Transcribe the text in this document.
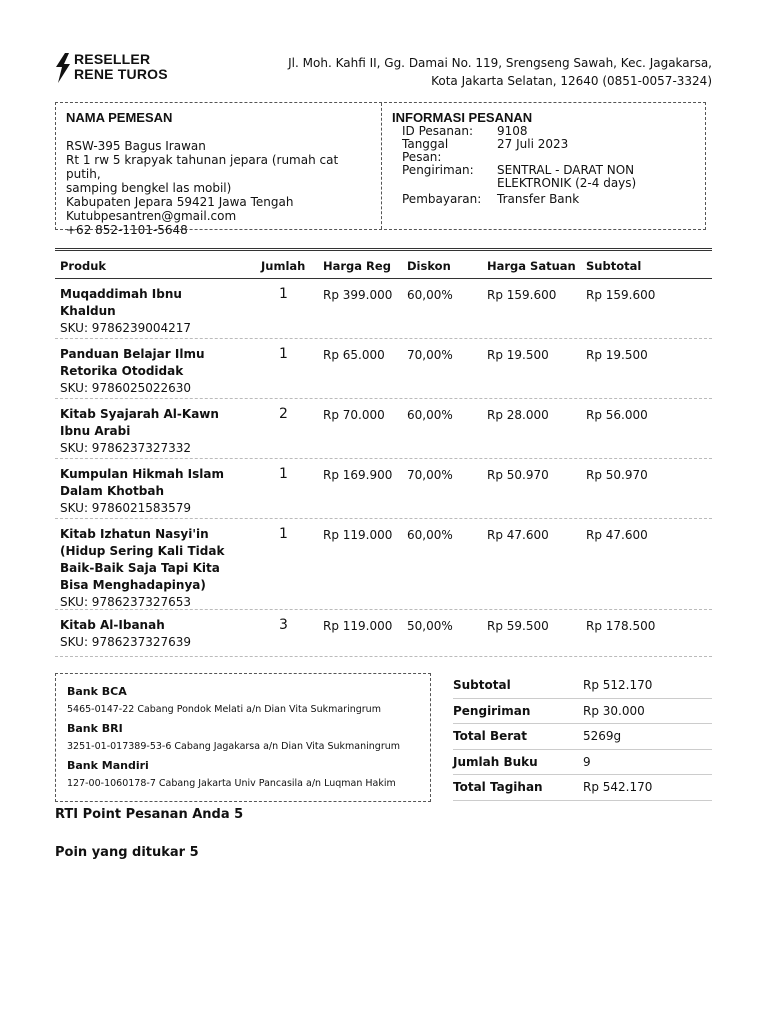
RESELLER
RENE TUROS
Jl. Moh. Kahfi II, Gg. Damai No. 119, Srengseng Sawah, Kec. Jagakarsa,
Kota Jakarta Selatan, 12640 (0851-0057-3324)
NAMA PEMESAN
RSW-395 Bagus Irawan
Rt 1 rw 5 krapyak tahunan jepara (rumah cat putih,
samping bengkel las mobil)
Kabupaten Jepara 59421 Jawa Tengah
Kutubpesantren@gmail.com
+62 852-1101-5648
INFORMASI PESANAN
ID Pesanan:	9108

Tanggal
Pesan:	27 Juli 2023
Pengiriman:	SENTRAL - DARAT NON
ELEKTRONIK (2-4 days)

Pembayaran:	Transfer Bank
Produk	Jumlah Harga Reg Diskon	Harga Satuan Subtotal
Muqaddimah Ibnu
Khaldun
SKU: 9786239004217
1	Rp 399.000 60,00%	Rp 159.600 Rp 159.600
Panduan Belajar Ilmu
Retorika Otodidak
SKU: 9786025022630
1	Rp 65.000 70,00%	Rp 19.500	Rp 19.500
Kitab Syajarah Al-Kawn
Ibnu Arabi
SKU: 9786237327332
2	Rp 70.000 60,00%	Rp 28.000	Rp 56.000
Kumpulan Hikmah Islam
Dalam Khotbah
SKU: 9786021583579
1	Rp 169.900 70,00%	Rp 50.970	Rp 50.970
Kitab Izhatun Nasyi'in
(Hidup Sering Kali Tidak
Baik-Baik Saja Tapi Kita
Bisa Menghadapinya)
SKU: 9786237327653
1	Rp 119.000 60,00%	Rp 47.600	Rp 47.600
Kitab Al-Ibanah
SKU: 9786237327639
3	Rp 119.000 50,00%	Rp 59.500	Rp 178.500
Bank BCA
5465-0147-22 Cabang Pondok Melati a/n Dian Vita Sukmaringrum
Bank BRI
3251-01-017389-53-6 Cabang Jagakarsa a/n Dian Vita Sukmaningrum
Bank Mandiri
127-00-1060178-7 Cabang Jakarta Univ Pancasila a/n Luqman Hakim
Subtotal	Rp 512.170
Pengiriman	Rp 30.000
Total Berat	5269g
Jumlah Buku	9
Total Tagihan	Rp 542.170
RTI Point Pesanan Anda 5
Poin yang ditukar 5
